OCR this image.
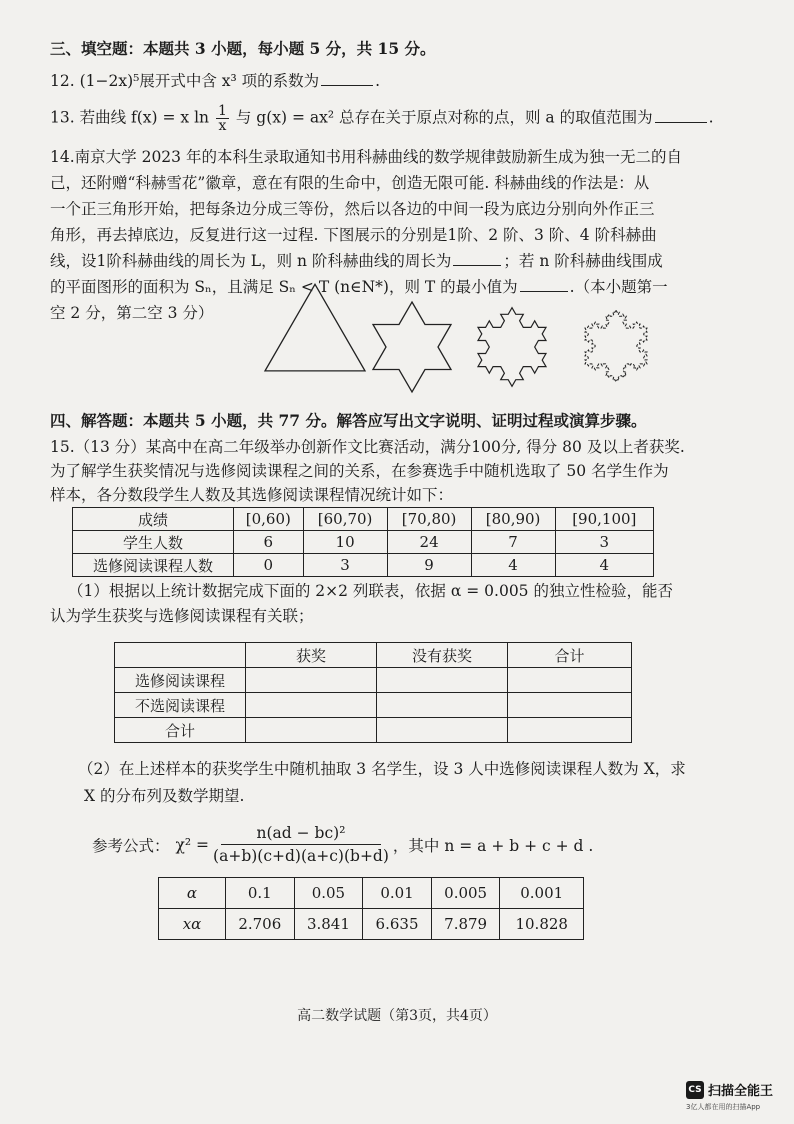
三、填空题：本题共 3 小题，每小题 5 分，共 15 分。
12. (1−2x)⁵展开式中含 x³ 项的系数为	.
13. 若曲线 f(x) = x $\ln \frac{1}{x}$ 与 g(x) = ax² 总存在关于原点对称的点，则 a 的取值范围为	.
14.南京大学 2023 年的本科生录取通知书用科赫曲线的数学规律鼓励新生成为独一无二的自
己，还附赠“科赫雪花”徽章，意在有限的生命中，创造无限可能. 科赫曲线的作法是：从
一个正三角形开始，把每条边分成三等份，然后以各边的中间一段为底边分别向外作正三
角形，再去掉底边，反复进行这一过程. 下图展示的分别是1阶、2 阶、3 阶、4 阶科赫曲
线，设1阶科赫曲线的周长为 L，则 n 阶科赫曲线的周长为	；若 n 阶科赫曲线围成
的平面图形的面积为 Sₙ，且满足 Sₙ < T (n∈N*)，则 T 的最小值为	.（本小题第一
空 2 分，第二空 3 分）
四、解答题：本题共 5 小题，共 77 分。解答应写出文字说明、证明过程或演算步骤。
15.（13 分）某高中在高二年级举办创新作文比赛活动，满分100分, 得分 80 及以上者获奖.
为了解学生获奖情况与选修阅读课程之间的关系，在参赛选手中随机选取了 50 名学生作为
样本，各分数段学生人数及其选修阅读课程情况统计如下：
成绩	[0,60)	[60,70)	[70,80)	[80,90)	[90,100]
学生人数	6	10	24	7	3
选修阅读课程人数	0	3	9	4	4
（1）根据以上统计数据完成下面的 2×2 列联表，依据 α = 0.005 的独立性检验，能否
认为学生获奖与选修阅读课程有关联；
	获奖	没有获奖	合计
选修阅读课程			
不选阅读课程			
合计			
（2）在上述样本的获奖学生中随机抽取 3 名学生，设 3 人中选修阅读课程人数为 X，求
X 的分布列及数学期望.
参考公式： $\chi^2 = \frac{\text{n(ad − bc)²}}{(a+b)(c+d)(a+c)(b+d)}$ ，其中 n = a + b + c + d .
α	0.1	0.05	0.01	0.005	0.001
xα	2.706	3.841	6.635	7.879	10.828
高二数学试题（第3页，共4页）
CS 扫描全能王
3亿人都在用的扫描App
